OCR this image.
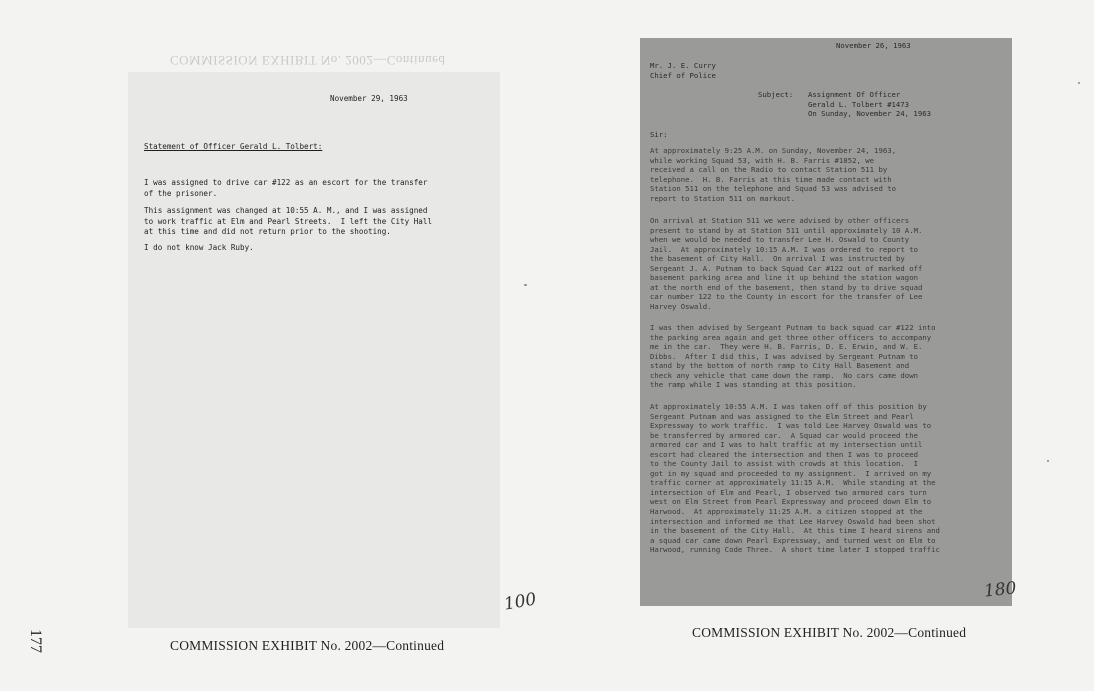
COMMISSION EXHIBIT No. 2002—Continued

November 29, 1963

Statement of Officer Gerald L. Tolbert:

I was assigned to drive car #122 as an escort for the transfer
of the prisoner.

This assignment was changed at 10:55 A. M., and I was assigned
to work traffic at Elm and Pearl Streets.  I left the City Hall
at this time and did not return prior to the shooting.

I do not know Jack Ruby.

100
COMMISSION EXHIBIT No. 2002—Continued
177

November 26, 1963

Mr. J. E. Curry
Chief of Police

Subject:	Assignment Of Officer
Gerald L. Tolbert #1473
On Sunday, November 24, 1963

Sir:

At approximately 9:25 A.M. on Sunday, November 24, 1963,
while working Squad 53, with H. B. Farris #1852, we
received a call on the Radio to contact Station 511 by
telephone.  H. B. Farris at this time made contact with
Station 511 on the telephone and Squad 53 was advised to
report to Station 511 on markout.

On arrival at Station 511 we were advised by other officers
present to stand by at Station 511 until approximately 10 A.M.
when we would be needed to transfer Lee H. Oswald to County
Jail.  At approximately 10:15 A.M. I was ordered to report to
the basement of City Hall.  On arrival I was instructed by
Sergeant J. A. Putnam to back Squad Car #122 out of marked off
basement parking area and line it up behind the station wagon
at the north end of the basement, then stand by to drive squad
car number 122 to the County in escort for the transfer of Lee
Harvey Oswald.

I was then advised by Sergeant Putnam to back squad car #122 into
the parking area again and get three other officers to accompany
me in the car.  They were H. B. Farris, D. E. Erwin, and W. E.
Dibbs.  After I did this, I was advised by Sergeant Putnam to
stand by the bottom of north ramp to City Hall Basement and
check any vehicle that came down the ramp.  No cars came down
the ramp while I was standing at this position.

At approximately 10:55 A.M. I was taken off of this position by
Sergeant Putnam and was assigned to the Elm Street and Pearl
Expressway to work traffic.  I was told Lee Harvey Oswald was to
be transferred by armored car.  A Squad car would proceed the
armored car and I was to halt traffic at my intersection until
escort had cleared the intersection and then I was to proceed
to the County Jail to assist with crowds at this location.  I
got in my squad and proceeded to my assignment.  I arrived on my
traffic corner at approximately 11:15 A.M.  While standing at the
intersection of Elm and Pearl, I observed two armored cars turn
west on Elm Street from Pearl Expressway and proceed down Elm to
Harwood.  At approximately 11:25 A.M. a citizen stopped at the
intersection and informed me that Lee Harvey Oswald had been shot
in the basement of the City Hall.  At this time I heard sirens and
a squad car came down Pearl Expressway, and turned west on Elm to
Harwood, running Code Three.  A short time later I stopped traffic

180
COMMISSION EXHIBIT No. 2002—Continued
